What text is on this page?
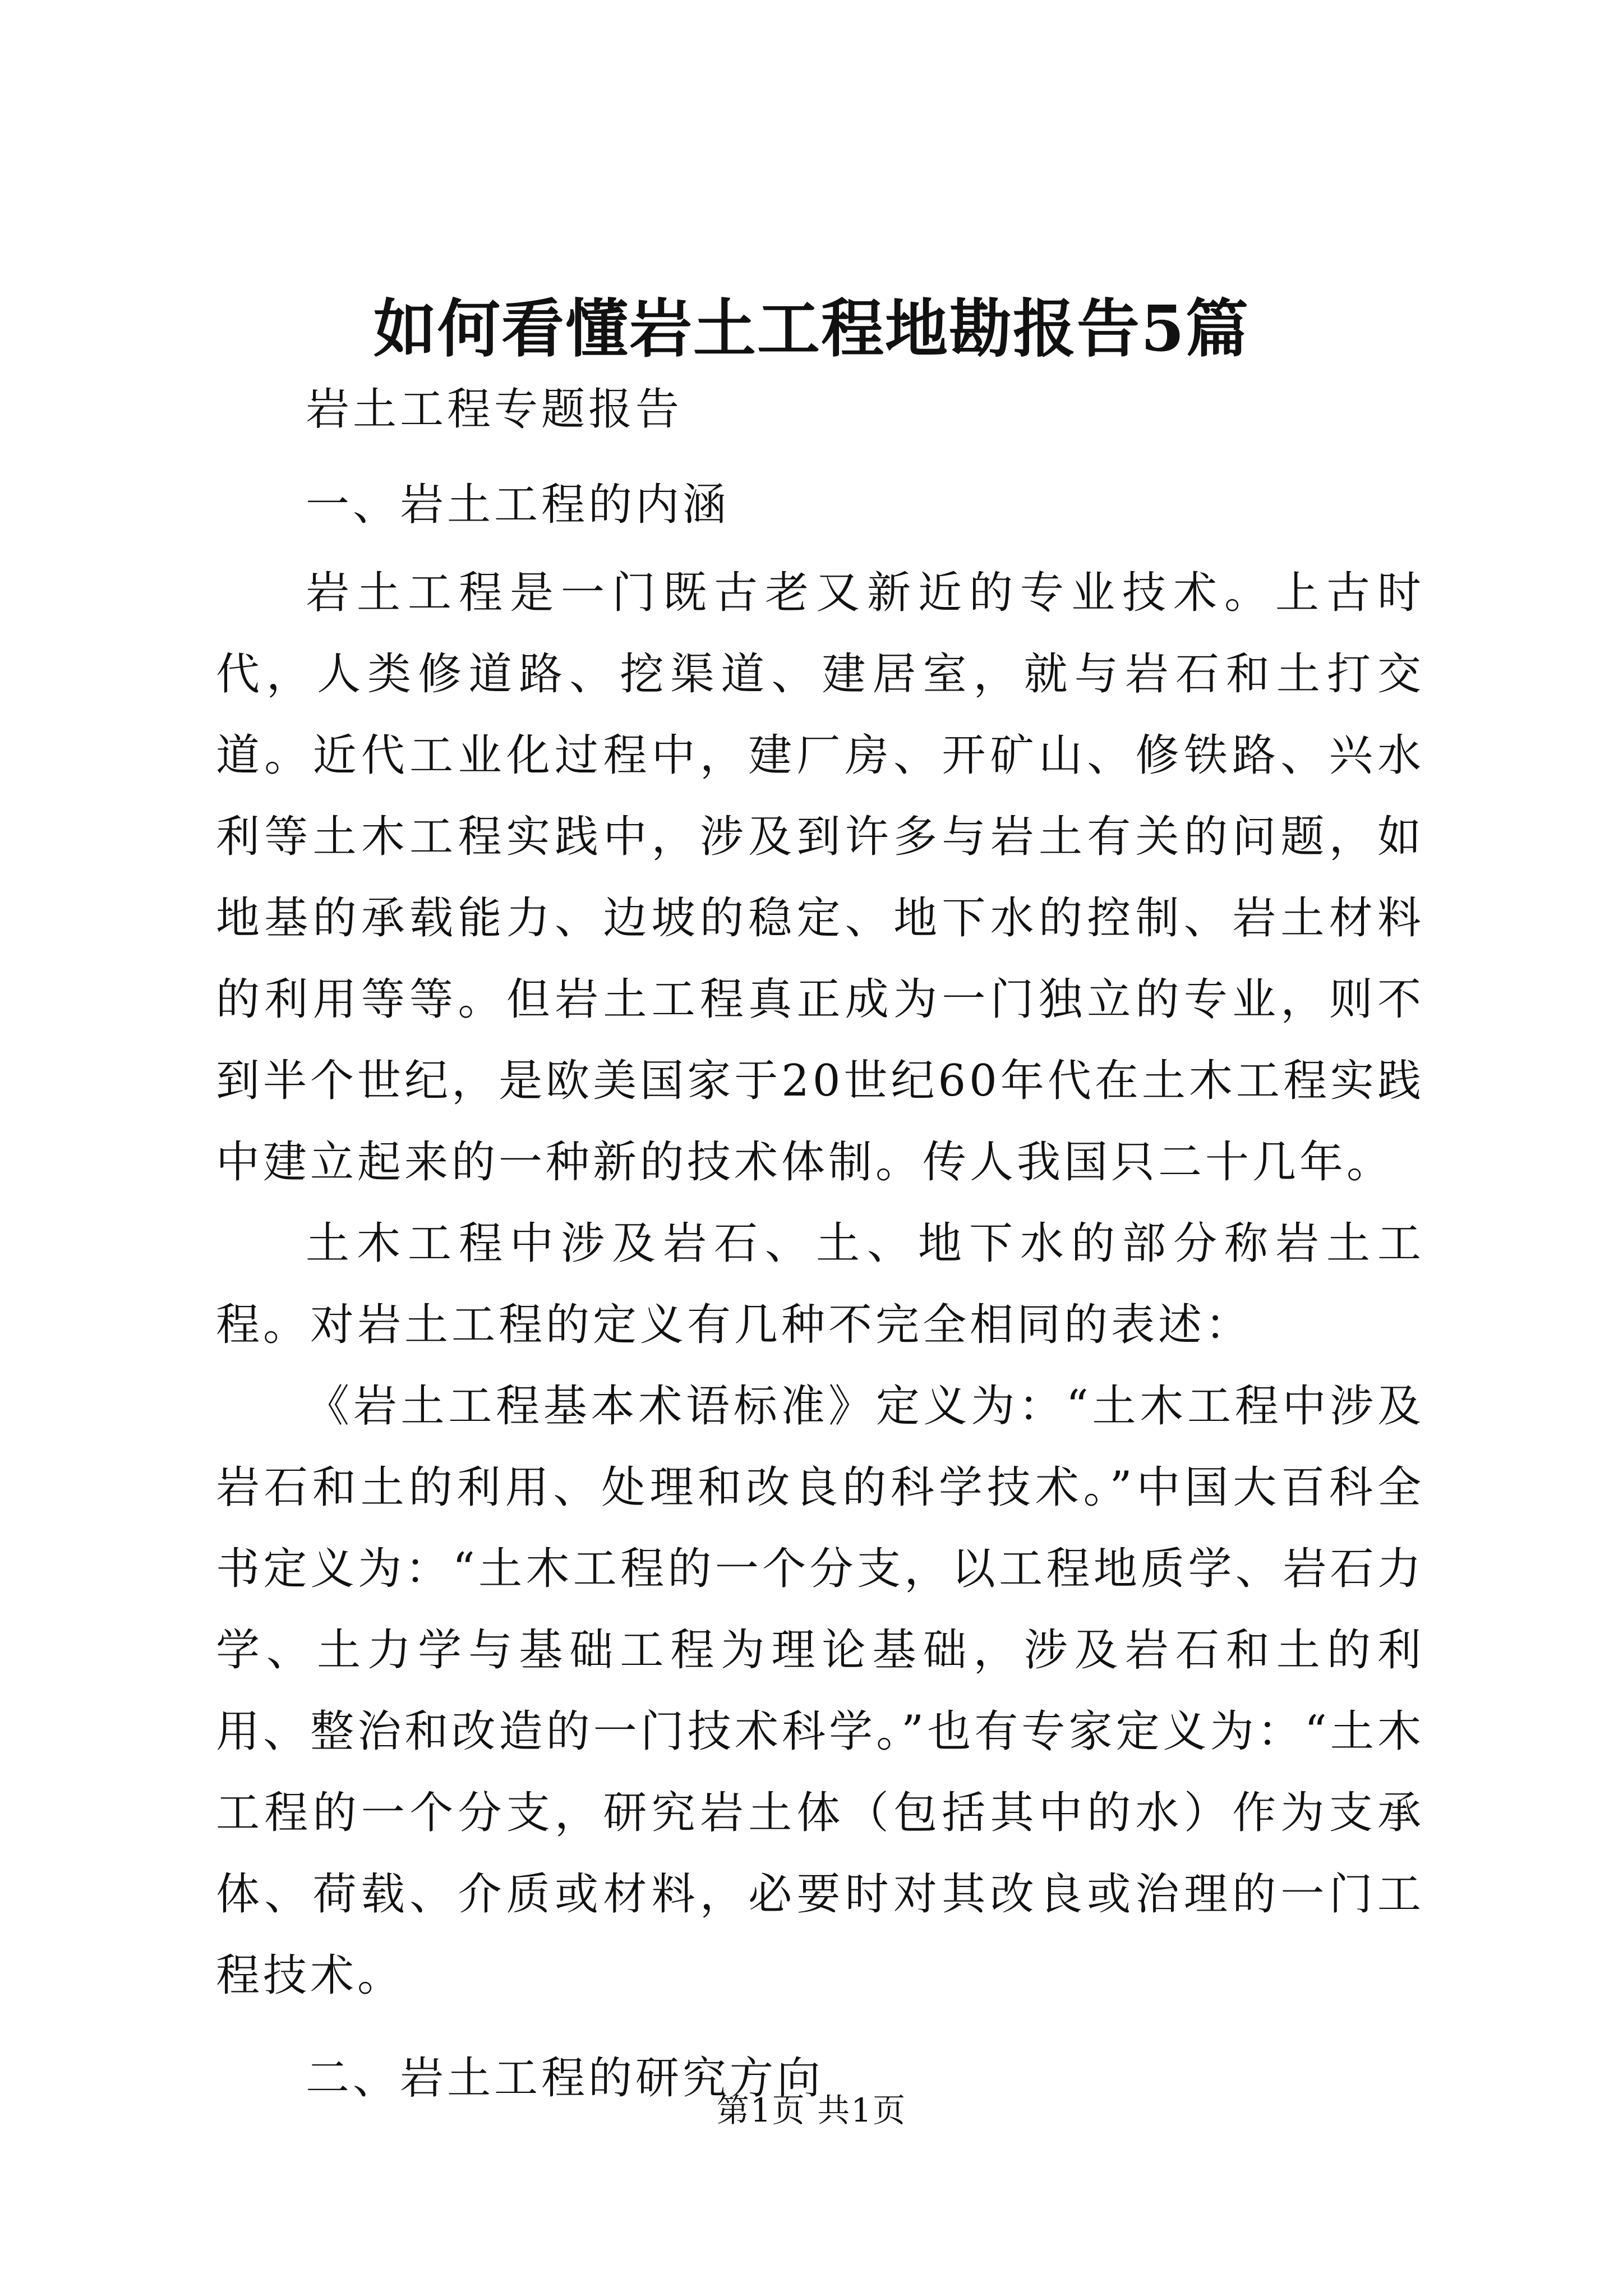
如何看懂岩土工程地勘报告5篇

岩土工程专题报告

一、岩土工程的内涵

岩土工程是一门既古老又新近的专业技术。上古时代，人类修道路、挖渠道、建居室，就与岩石和土打交道。近代工业化过程中，建厂房、开矿山、修铁路、兴水利等土木工程实践中，涉及到许多与岩土有关的问题，如地基的承载能力、边坡的稳定、地下水的控制、岩土材料的利用等等。但岩土工程真正成为一门独立的专业，则不到半个世纪，是欧美国家于20世纪60年代在土木工程实践中建立起来的一种新的技术体制。传人我国只二十几年。

土木工程中涉及岩石、土、地下水的部分称岩土工程。对岩土工程的定义有几种不完全相同的表述：

《岩土工程基本术语标准》定义为：“土木工程中涉及岩石和土的利用、处理和改良的科学技术。”中国大百科全书定义为：“土木工程的一个分支，以工程地质学、岩石力学、土力学与基础工程为理论基础，涉及岩石和土的利用、整治和改造的一门技术科学。”也有专家定义为：“土木工程的一个分支，研究岩土体（包括其中的水）作为支承体、荷载、介质或材料，必要时对其改良或治理的一门工程技术。

二、岩土工程的研究方向

第1页 共1页
